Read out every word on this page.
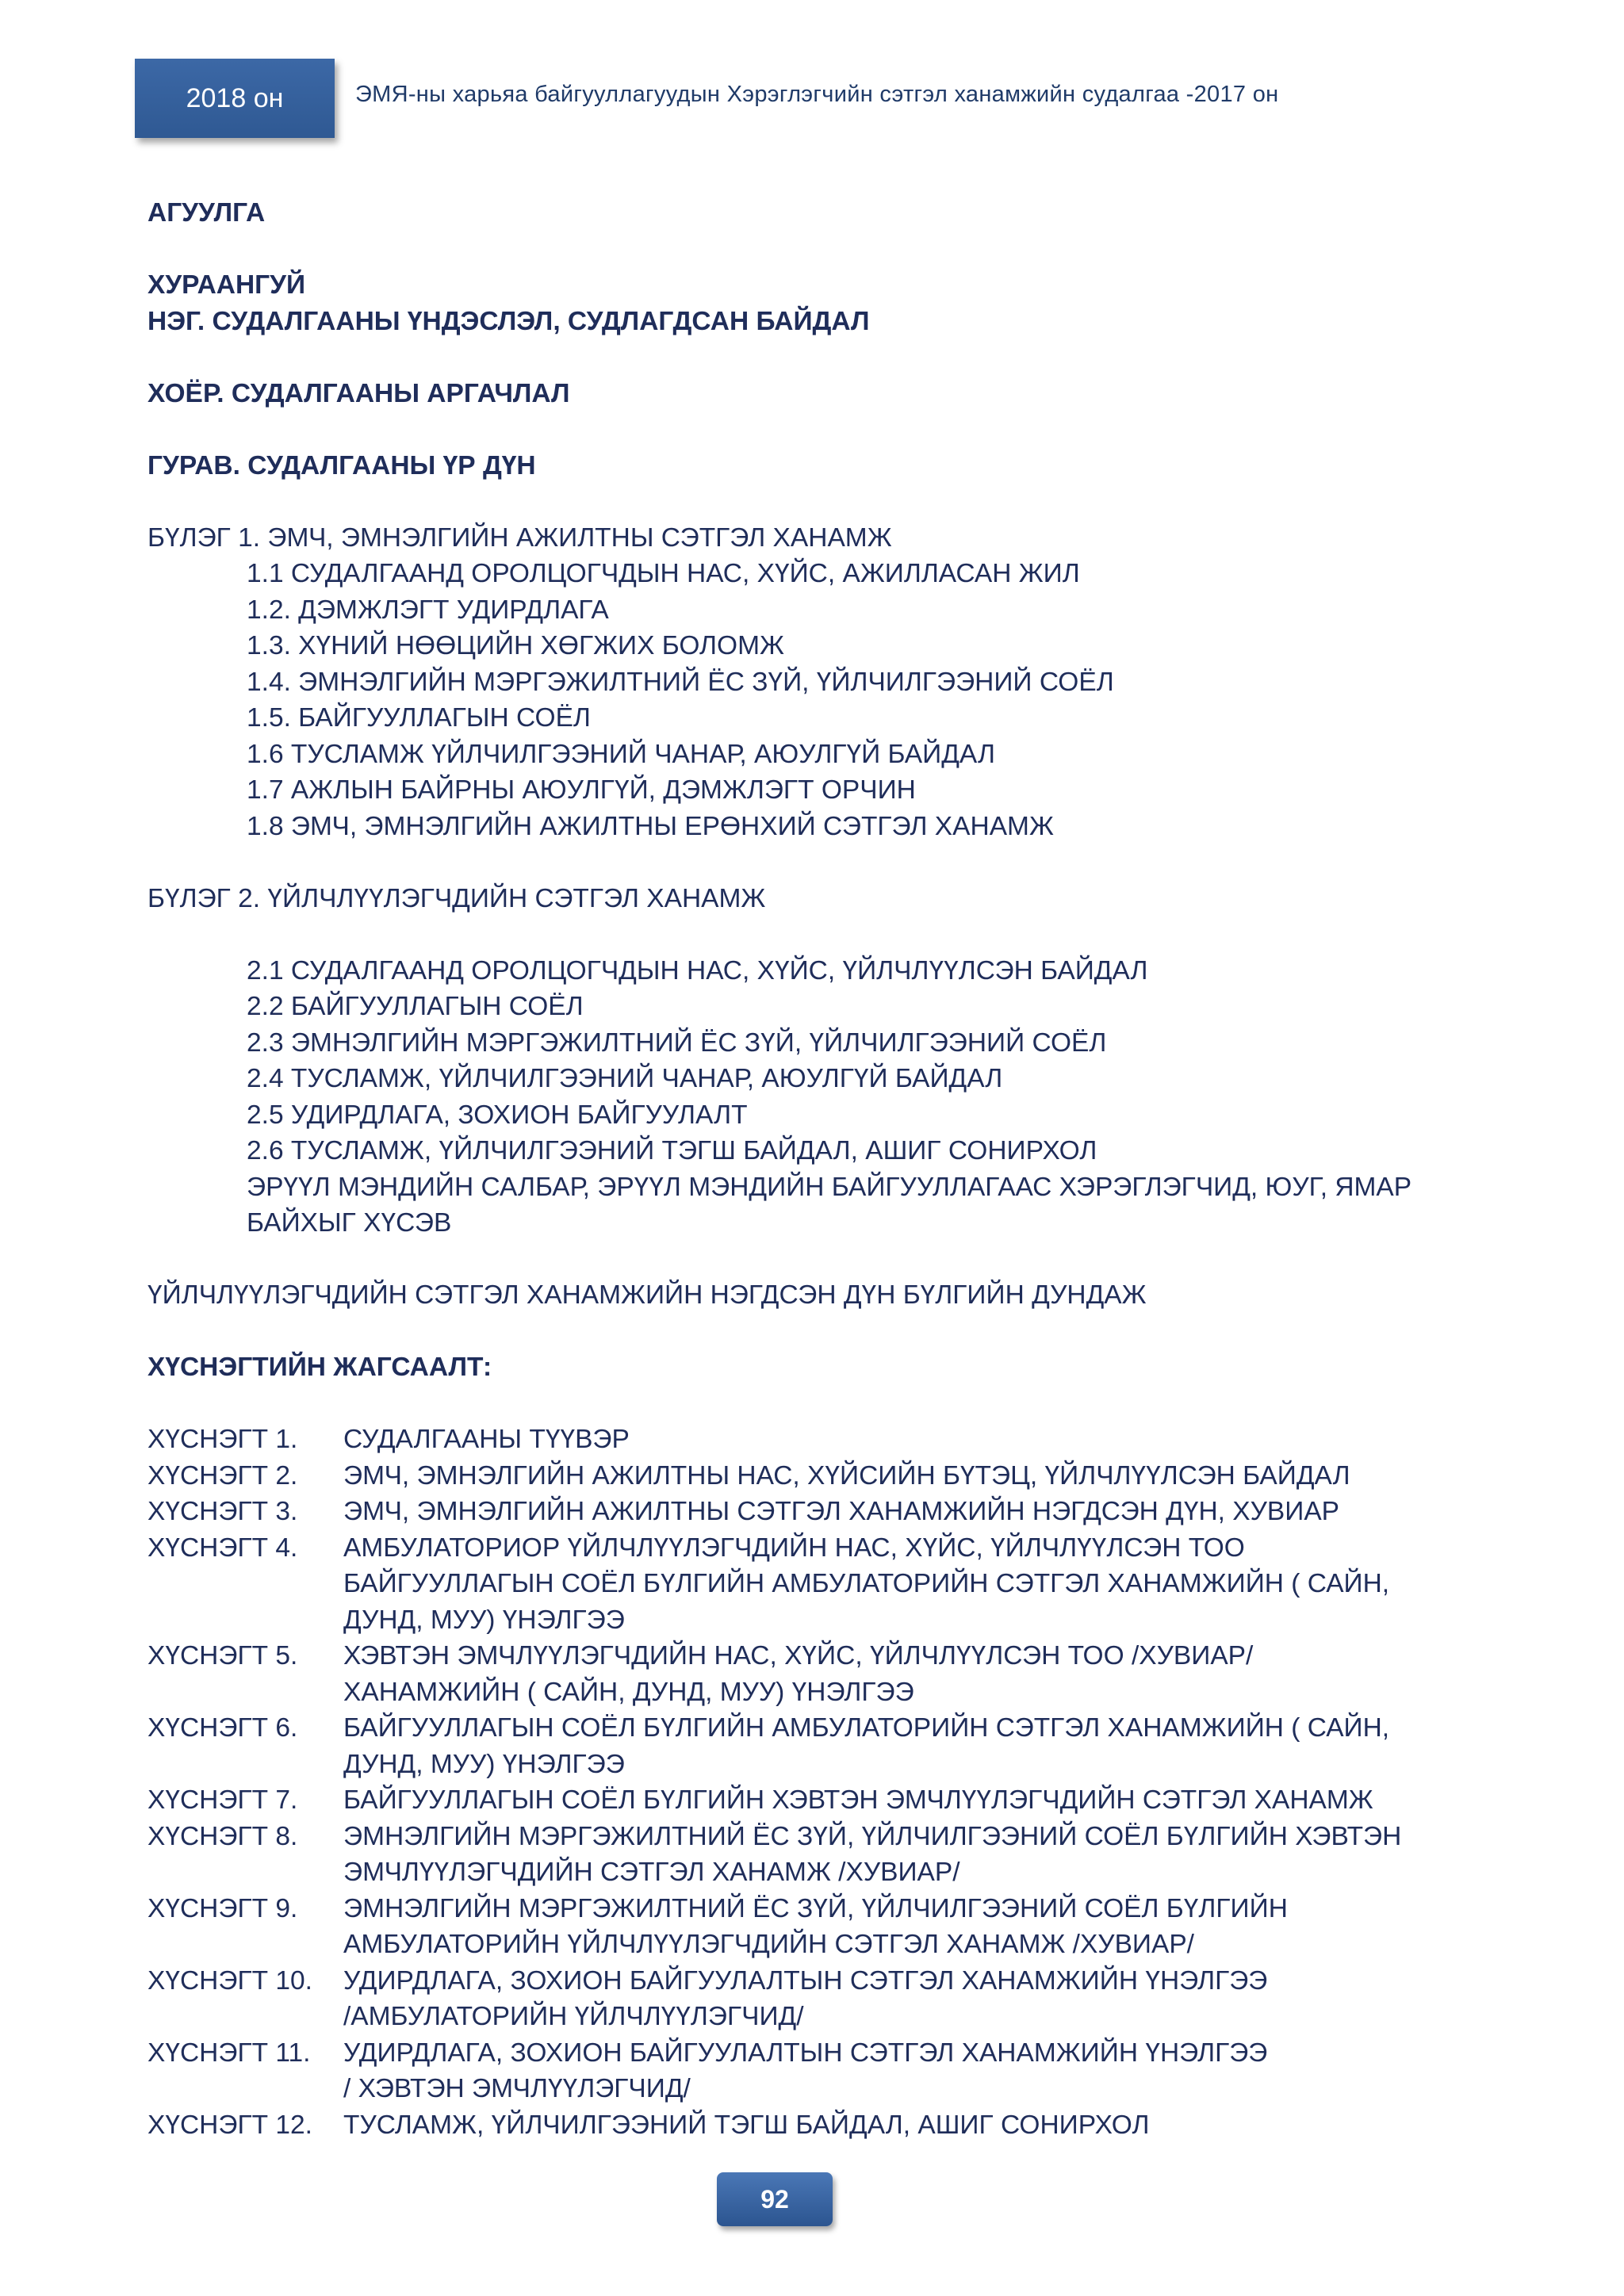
2018 он	ЭМЯ-ны харьяа байгууллагуудын Хэрэглэгчийн сэтгэл ханамжийн судалгаа -2017 он
АГУУЛГА
ХУРААНГУЙ
НЭГ. СУДАЛГААНЫ ҮНДЭСЛЭЛ, СУДЛАГДСАН БАЙДАЛ
ХОЁР. СУДАЛГААНЫ АРГАЧЛАЛ
ГУРАВ. СУДАЛГААНЫ ҮР ДҮН
БҮЛЭГ 1. ЭМЧ, ЭМНЭЛГИЙН АЖИЛТНЫ СЭТГЭЛ ХАНАМЖ
1.1 СУДАЛГААНД ОРОЛЦОГЧДЫН НАС, ХҮЙС, АЖИЛЛАСАН ЖИЛ
1.2. ДЭМЖЛЭГТ УДИРДЛАГА
1.3. ХҮНИЙ НӨӨЦИЙН ХӨГЖИХ БОЛОМЖ
1.4. ЭМНЭЛГИЙН МЭРГЭЖИЛТНИЙ ЁС ЗҮЙ, ҮЙЛЧИЛГЭЭНИЙ СОЁЛ
1.5. БАЙГУУЛЛАГЫН СОЁЛ
1.6 ТУСЛАМЖ ҮЙЛЧИЛГЭЭНИЙ ЧАНАР, АЮУЛГҮЙ БАЙДАЛ
1.7 АЖЛЫН БАЙРНЫ АЮУЛГҮЙ, ДЭМЖЛЭГТ ОРЧИН
1.8 ЭМЧ, ЭМНЭЛГИЙН АЖИЛТНЫ ЕРӨНХИЙ СЭТГЭЛ ХАНАМЖ
БҮЛЭГ 2. ҮЙЛЧЛҮҮЛЭГЧДИЙН СЭТГЭЛ ХАНАМЖ
2.1 СУДАЛГААНД ОРОЛЦОГЧДЫН НАС, ХҮЙС, ҮЙЛЧЛҮҮЛСЭН БАЙДАЛ
2.2 БАЙГУУЛЛАГЫН СОЁЛ
2.3 ЭМНЭЛГИЙН МЭРГЭЖИЛТНИЙ ЁС ЗҮЙ, ҮЙЛЧИЛГЭЭНИЙ СОЁЛ
2.4 ТУСЛАМЖ, ҮЙЛЧИЛГЭЭНИЙ ЧАНАР, АЮУЛГҮЙ БАЙДАЛ
2.5 УДИРДЛАГА, ЗОХИОН БАЙГУУЛАЛТ
2.6 ТУСЛАМЖ, ҮЙЛЧИЛГЭЭНИЙ ТЭГШ БАЙДАЛ, АШИГ СОНИРХОЛ
ЭРҮҮЛ МЭНДИЙН САЛБАР, ЭРҮҮЛ МЭНДИЙН БАЙГУУЛЛАГААС ХЭРЭГЛЭГЧИД, ЮУГ, ЯМАР
БАЙХЫГ ХҮСЭВ
ҮЙЛЧЛҮҮЛЭГЧДИЙН СЭТГЭЛ ХАНАМЖИЙН НЭГДСЭН ДҮН БҮЛГИЙН ДУНДАЖ
ХҮСНЭГТИЙН ЖАГСААЛТ:
ХҮСНЭГТ 1.	СУДАЛГААНЫ ТҮҮВЭР
ХҮСНЭГТ 2.	ЭМЧ, ЭМНЭЛГИЙН АЖИЛТНЫ НАС, ХҮЙСИЙН БҮТЭЦ, ҮЙЛЧЛҮҮЛСЭН БАЙДАЛ
ХҮСНЭГТ 3.	ЭМЧ, ЭМНЭЛГИЙН АЖИЛТНЫ СЭТГЭЛ ХАНАМЖИЙН НЭГДСЭН ДҮН, ХУВИАР
ХҮСНЭГТ 4.	АМБУЛАТОРИОР ҮЙЛЧЛҮҮЛЭГЧДИЙН НАС, ХҮЙС, ҮЙЛЧЛҮҮЛСЭН ТОО
БАЙГУУЛЛАГЫН СОЁЛ БҮЛГИЙН АМБУЛАТОРИЙН СЭТГЭЛ ХАНАМЖИЙН ( САЙН,
ДУНД, МУУ) ҮНЭЛГЭЭ
ХҮСНЭГТ 5.	ХЭВТЭН ЭМЧЛҮҮЛЭГЧДИЙН НАС, ХҮЙС, ҮЙЛЧЛҮҮЛСЭН ТОО /ХУВИАР/
ХАНАМЖИЙН ( САЙН, ДУНД, МУУ) ҮНЭЛГЭЭ
ХҮСНЭГТ 6.	БАЙГУУЛЛАГЫН СОЁЛ БҮЛГИЙН АМБУЛАТОРИЙН СЭТГЭЛ ХАНАМЖИЙН ( САЙН,
ДУНД, МУУ) ҮНЭЛГЭЭ
ХҮСНЭГТ 7.	БАЙГУУЛЛАГЫН СОЁЛ БҮЛГИЙН ХЭВТЭН ЭМЧЛҮҮЛЭГЧДИЙН СЭТГЭЛ ХАНАМЖ
ХҮСНЭГТ 8.	ЭМНЭЛГИЙН МЭРГЭЖИЛТНИЙ ЁС ЗҮЙ, ҮЙЛЧИЛГЭЭНИЙ СОЁЛ БҮЛГИЙН ХЭВТЭН
ЭМЧЛҮҮЛЭГЧДИЙН СЭТГЭЛ ХАНАМЖ /ХУВИАР/
ХҮСНЭГТ 9.	ЭМНЭЛГИЙН МЭРГЭЖИЛТНИЙ ЁС ЗҮЙ, ҮЙЛЧИЛГЭЭНИЙ СОЁЛ БҮЛГИЙН
АМБУЛАТОРИЙН ҮЙЛЧЛҮҮЛЭГЧДИЙН СЭТГЭЛ ХАНАМЖ /ХУВИАР/
ХҮСНЭГТ 10.	УДИРДЛАГА, ЗОХИОН БАЙГУУЛАЛТЫН СЭТГЭЛ ХАНАМЖИЙН ҮНЭЛГЭЭ
/АМБУЛАТОРИЙН ҮЙЛЧЛҮҮЛЭГЧИД/
ХҮСНЭГТ 11.	УДИРДЛАГА, ЗОХИОН БАЙГУУЛАЛТЫН СЭТГЭЛ ХАНАМЖИЙН ҮНЭЛГЭЭ
/ ХЭВТЭН ЭМЧЛҮҮЛЭГЧИД/
ХҮСНЭГТ 12.	ТУСЛАМЖ, ҮЙЛЧИЛГЭЭНИЙ ТЭГШ БАЙДАЛ, АШИГ СОНИРХОЛ
92
